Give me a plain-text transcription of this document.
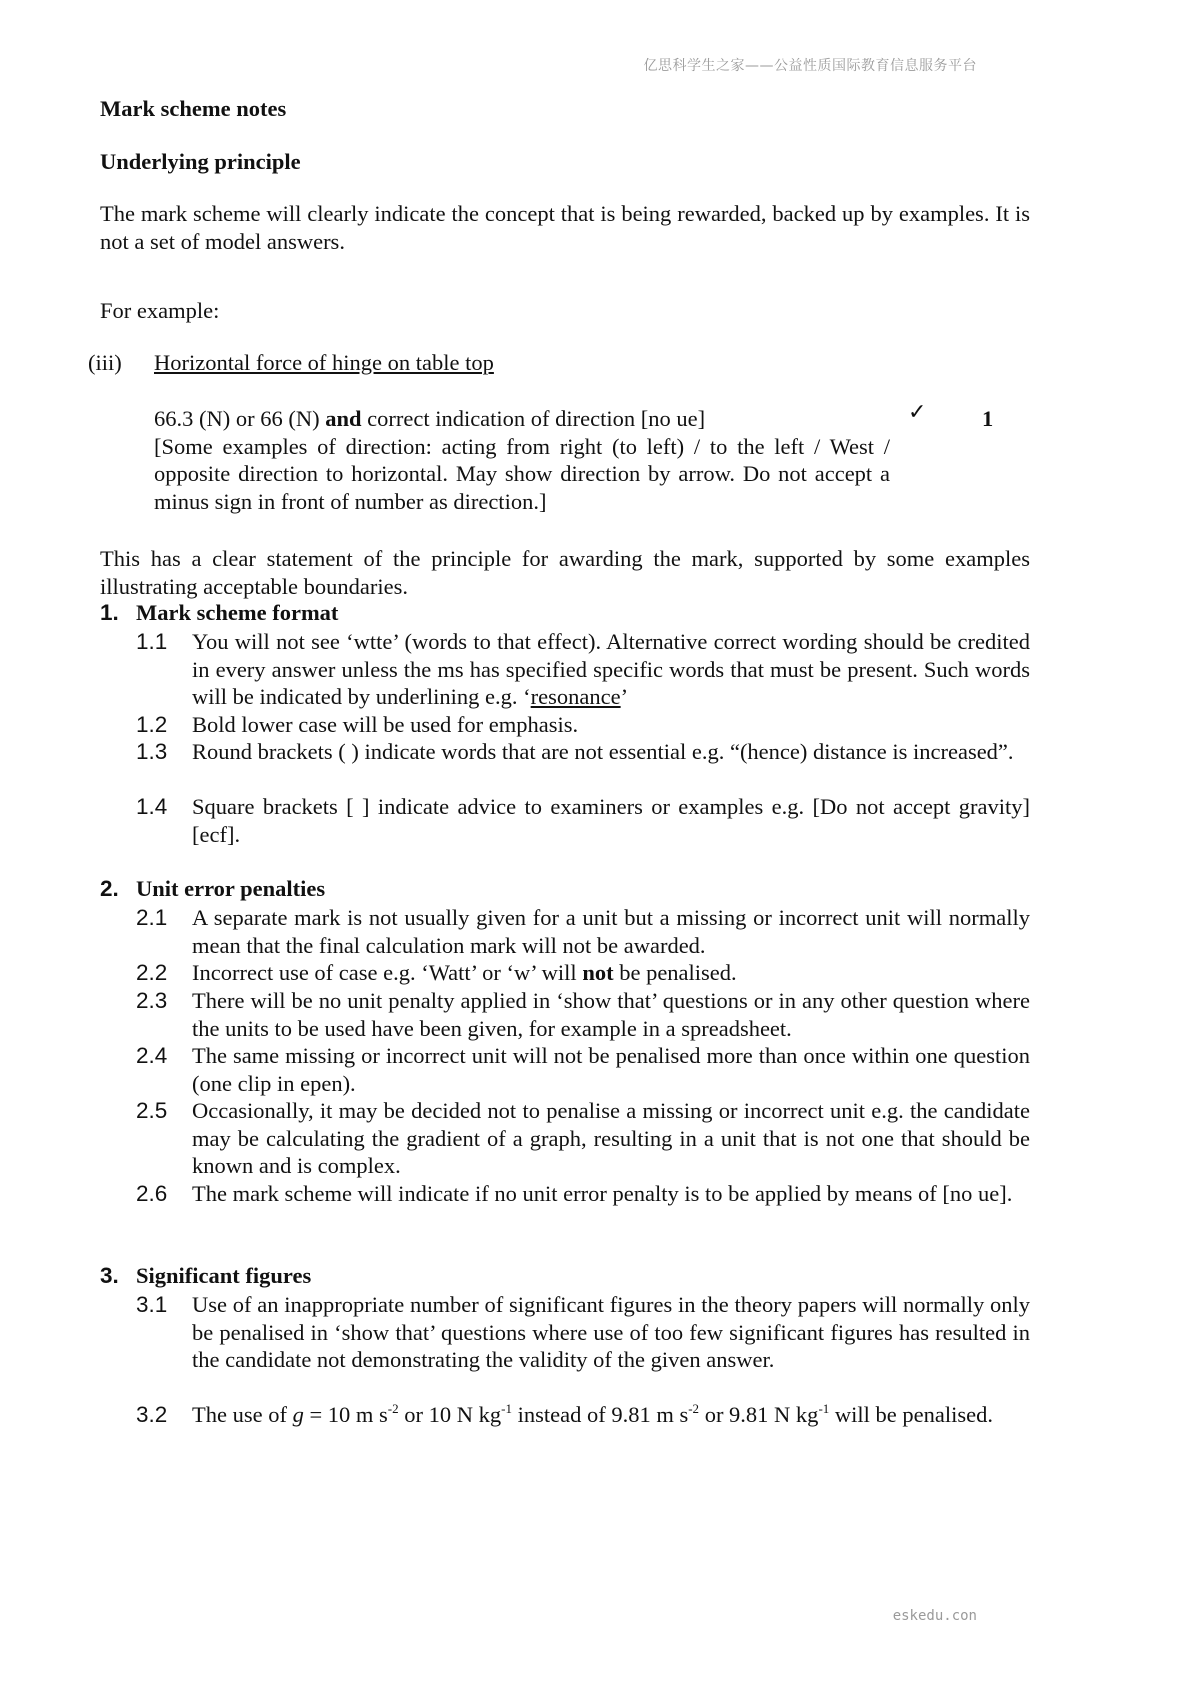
亿思科学生之家——公益性质国际教育信息服务平台
Mark scheme notes
Underlying principle
The mark scheme will clearly indicate the concept that is being rewarded, backed up by examples. It is not a set of model answers.
For example:
(iii) Horizontal force of hinge on table top
66.3 (N) or 66 (N) and correct indication of direction [no ue]
[Some examples of direction: acting from right (to left) / to the left / West / opposite direction to horizontal. May show direction by arrow. Do not accept a minus sign in front of number as direction.]
✓ 1
This has a clear statement of the principle for awarding the mark, supported by some examples illustrating acceptable boundaries.
1. Mark scheme format
1.1	You will not see ‘wtte’ (words to that effect). Alternative correct wording should be credited in every answer unless the ms has specified specific words that must be present. Such words will be indicated by underlining e.g. ‘resonance’
1.2	Bold lower case will be used for emphasis.
1.3	Round brackets ( ) indicate words that are not essential e.g. “(hence) distance is increased”.
1.4	Square brackets [ ] indicate advice to examiners or examples e.g. [Do not accept gravity] [ecf].
2. Unit error penalties
2.1	A separate mark is not usually given for a unit but a missing or incorrect unit will normally mean that the final calculation mark will not be awarded.
2.2	Incorrect use of case e.g. ‘Watt’ or ‘w’ will not be penalised.
2.3	There will be no unit penalty applied in ‘show that’ questions or in any other question where the units to be used have been given, for example in a spreadsheet.
2.4	The same missing or incorrect unit will not be penalised more than once within one question (one clip in epen).
2.5	Occasionally, it may be decided not to penalise a missing or incorrect unit e.g. the candidate may be calculating the gradient of a graph, resulting in a unit that is not one that should be known and is complex.
2.6	The mark scheme will indicate if no unit error penalty is to be applied by means of [no ue].
3. Significant figures
3.1	Use of an inappropriate number of significant figures in the theory papers will normally only be penalised in ‘show that’ questions where use of too few significant figures has resulted in the candidate not demonstrating the validity of the given answer.
3.2	The use of g = 10 m $s^{-2}$ or 10 N $kg^{-1}$ instead of 9.81 m $s^{-2}$ or 9.81 N $kg^{-1}$ will be penalised.
eskedu.con
